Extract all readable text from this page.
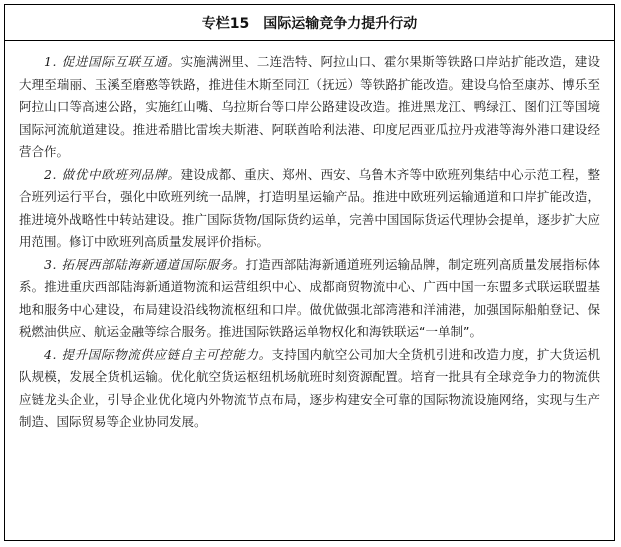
专栏15 国际运输竞争力提升行动

1. 促进国际互联互通。实施满洲里、二连浩特、阿拉山口、霍尔果斯等铁路口岸站扩能改造，建设大理至瑞丽、玉溪至磨憨等铁路，推进佳木斯至同江（抚远）等铁路扩能改造。建设乌恰至康苏、博乐至阿拉山口等高速公路，实施红山嘴、乌拉斯台等口岸公路建设改造。推进黑龙江、鸭绿江、图们江等国境国际河流航道建设。推进希腊比雷埃夫斯港、阿联酋哈利法港、印度尼西亚瓜拉丹戎港等海外港口建设经营合作。

2. 做优中欧班列品牌。建设成都、重庆、郑州、西安、乌鲁木齐等中欧班列集结中心示范工程，整合班列运行平台，强化中欧班列统一品牌，打造明星运输产品。推进中欧班列运输通道和口岸扩能改造，推进境外战略性中转站建设。推广国际货物/国际货约运单，完善中国国际货运代理协会提单，逐步扩大应用范围。修订中欧班列高质量发展评价指标。

3. 拓展西部陆海新通道国际服务。打造西部陆海新通道班列运输品牌，制定班列高质量发展指标体系。推进重庆西部陆海新通道物流和运营组织中心、成都商贸物流中心、广西中国一东盟多式联运联盟基地和服务中心建设，布局建设沿线物流枢纽和口岸。做优做强北部湾港和洋浦港，加强国际船舶登记、保税燃油供应、航运金融等综合服务。推进国际铁路运单物权化和海铁联运“一单制”。

4. 提升国际物流供应链自主可控能力。支持国内航空公司加大全货机引进和改造力度，扩大货运机队规模，发展全货机运输。优化航空货运枢纽机场航班时刻资源配置。培育一批具有全球竞争力的物流供应链龙头企业，引导企业优化境内外物流节点布局，逐步构建安全可靠的国际物流设施网络，实现与生产制造、国际贸易等企业协同发展。
